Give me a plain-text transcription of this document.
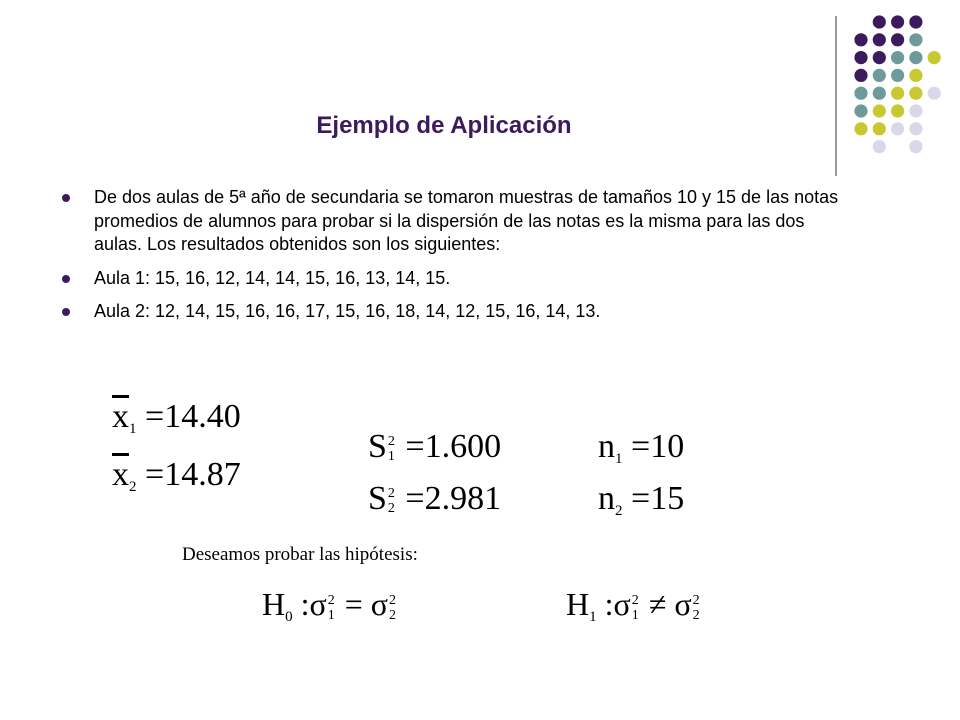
Ejemplo de Aplicación
De dos aulas de 5ª año de secundaria se tomaron muestras de tamaños 10 y 15 de las notas promedios de alumnos para probar si la dispersión de las notas es la misma para las dos aulas. Los resultados obtenidos son los siguientes:
Aula 1: 15, 16, 12, 14, 14, 15, 16, 13, 14, 15.
Aula 2: 12, 14, 15, 16, 16, 17, 15, 16, 18, 14, 12, 15, 16, 14, 13.
$\overline{x}1 =14.40$
$\overline{x}2 =14.87$
S 2
1 =1.600
S 2
2 =2.981
n1 =10
n2 =15
Deseamos probar las hipótesis:
H0 :σ 2
1 = σ 2
2	H1 :σ 2
1 ≠ σ 2
2
